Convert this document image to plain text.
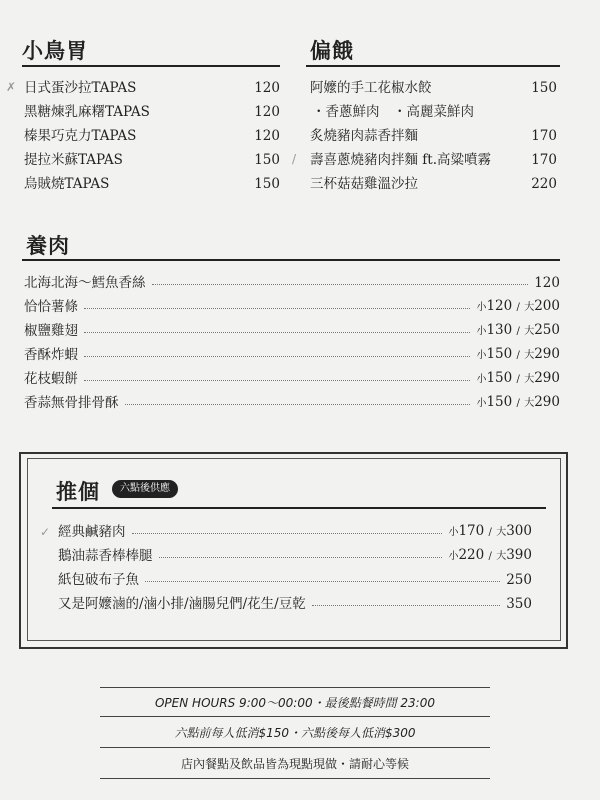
小鳥胃
✗ 日式蛋沙拉TAPAS	120
黑糖煉乳麻糬TAPAS	120
榛果巧克力TAPAS	120
提拉米蘇TAPAS	150
烏賊燒TAPAS	150
偏餓
/
阿嬤的手工花椒水餃	150
・香蔥鮮肉　・高麗菜鮮肉
炙燒豬肉蒜香拌麵	170
壽喜蔥燒豬肉拌麵 ft.高粱噴霧	170
三杯菇菇雞溫沙拉	220
養肉
北海北海～鱈魚香絲	120
恰恰薯條	小120 / 大200
椒鹽雞翅	小130 / 大250
香酥炸蝦	小150 / 大290
花枝蝦餅	小150 / 大290
香蒜無骨排骨酥	小150 / 大290
推個	六點後供應
✓ 經典鹹豬肉	小170 / 大300
鵝油蒜香棒棒腿	小220 / 大390
紙包破布子魚	250
又是阿嬤滷的/滷小排/滷腸兒們/花生/豆乾	350
OPEN HOURS 9:00～00:00・最後點餐時間 23:00
六點前每人低消$150・六點後每人低消$300
店內餐點及飲品皆為現點現做・請耐心等候
